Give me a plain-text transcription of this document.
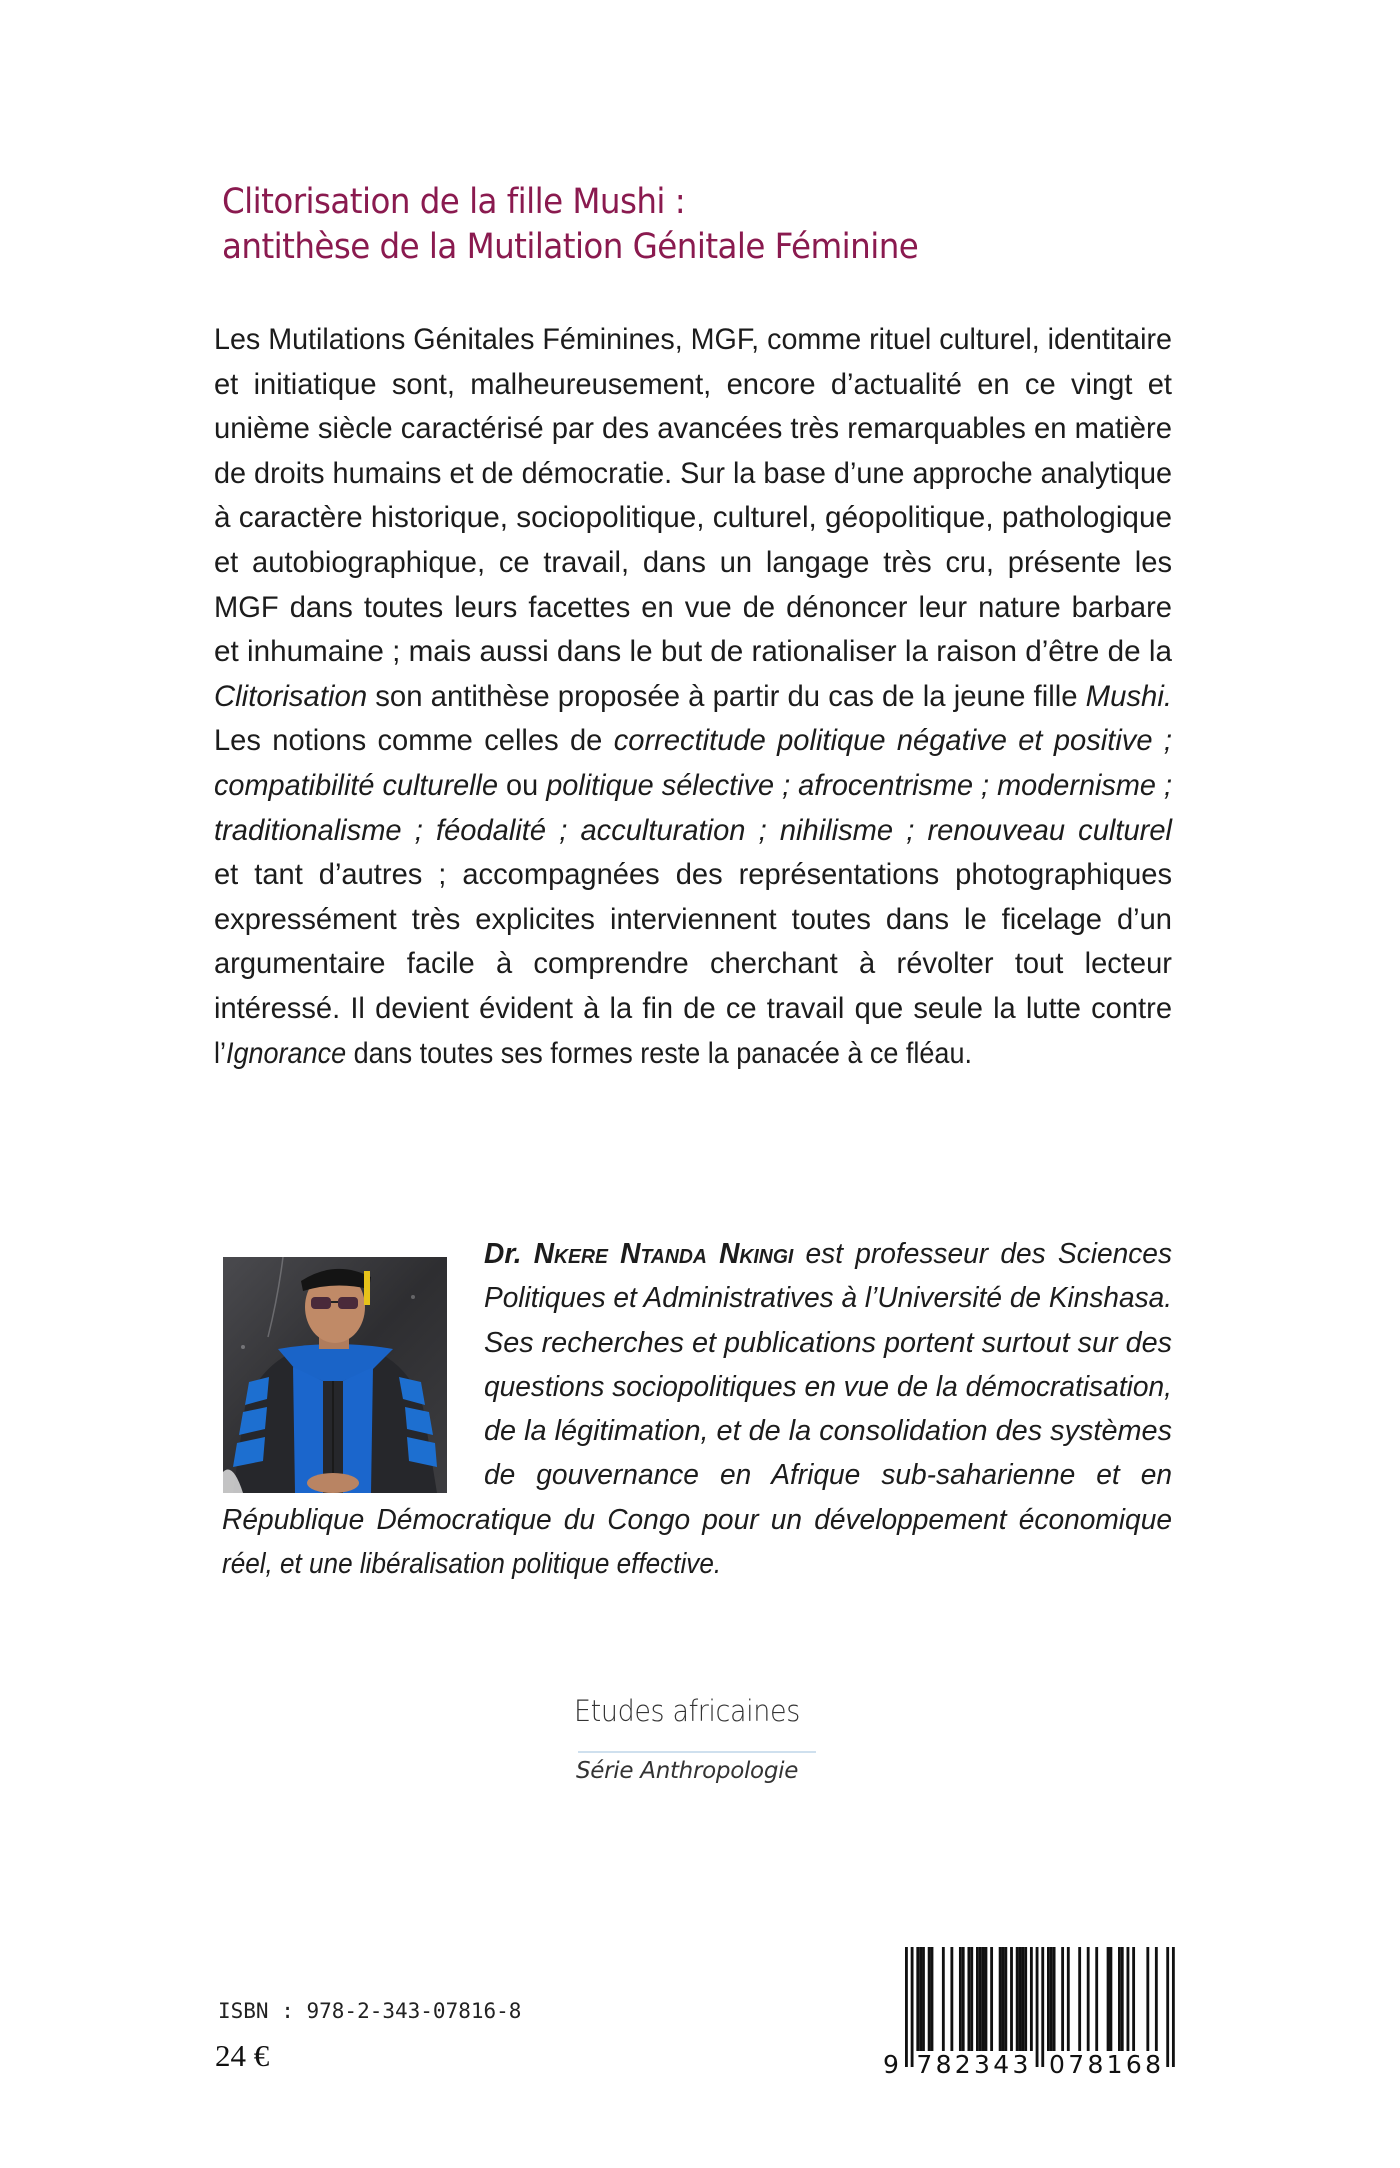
Clitorisation de la fille Mushi :
antithèse de la Mutilation Génitale Féminine
Les Mutilations Génitales Féminines, MGF, comme rituel culturel, identitaire
et initiatique sont, malheureusement, encore d’actualité en ce vingt et
unième siècle caractérisé par des avancées très remarquables en matière
de droits humains et de démocratie. Sur la base d’une approche analytique
à caractère historique, sociopolitique, culturel, géopolitique, pathologique
et autobiographique, ce travail, dans un langage très cru, présente les
MGF dans toutes leurs facettes en vue de dénoncer leur nature barbare
et inhumaine ; mais aussi dans le but de rationaliser la raison d’être de la
Clitorisation son antithèse proposée à partir du cas de la jeune fille Mushi.
Les notions comme celles de correctitude politique négative et positive ;
compatibilité culturelle ou politique sélective ; afrocentrisme ; modernisme ;
traditionalisme ; féodalité ; acculturation ; nihilisme ; renouveau culturel
et tant d’autres ; accompagnées des représentations photographiques
expressément très explicites interviennent toutes dans le ficelage d’un
argumentaire facile à comprendre cherchant à révolter tout lecteur
intéressé. Il devient évident à la fin de ce travail que seule la lutte contre
l’Ignorance dans toutes ses formes reste la panacée à ce fléau.
Dr. Nkere Ntanda Nkingi est professeur des Sciences
Politiques et Administratives à l’Université de Kinshasa.
Ses recherches et publications portent surtout sur des
questions sociopolitiques en vue de la démocratisation,
de la légitimation, et de la consolidation des systèmes
de gouvernance en Afrique sub-saharienne et en
République Démocratique du Congo pour un développement économique
réel, et une libéralisation politique effective.
Etudes africaines
Série Anthropologie
ISBN : 978-2-343-07816-8
24 €	9 782343 078168
